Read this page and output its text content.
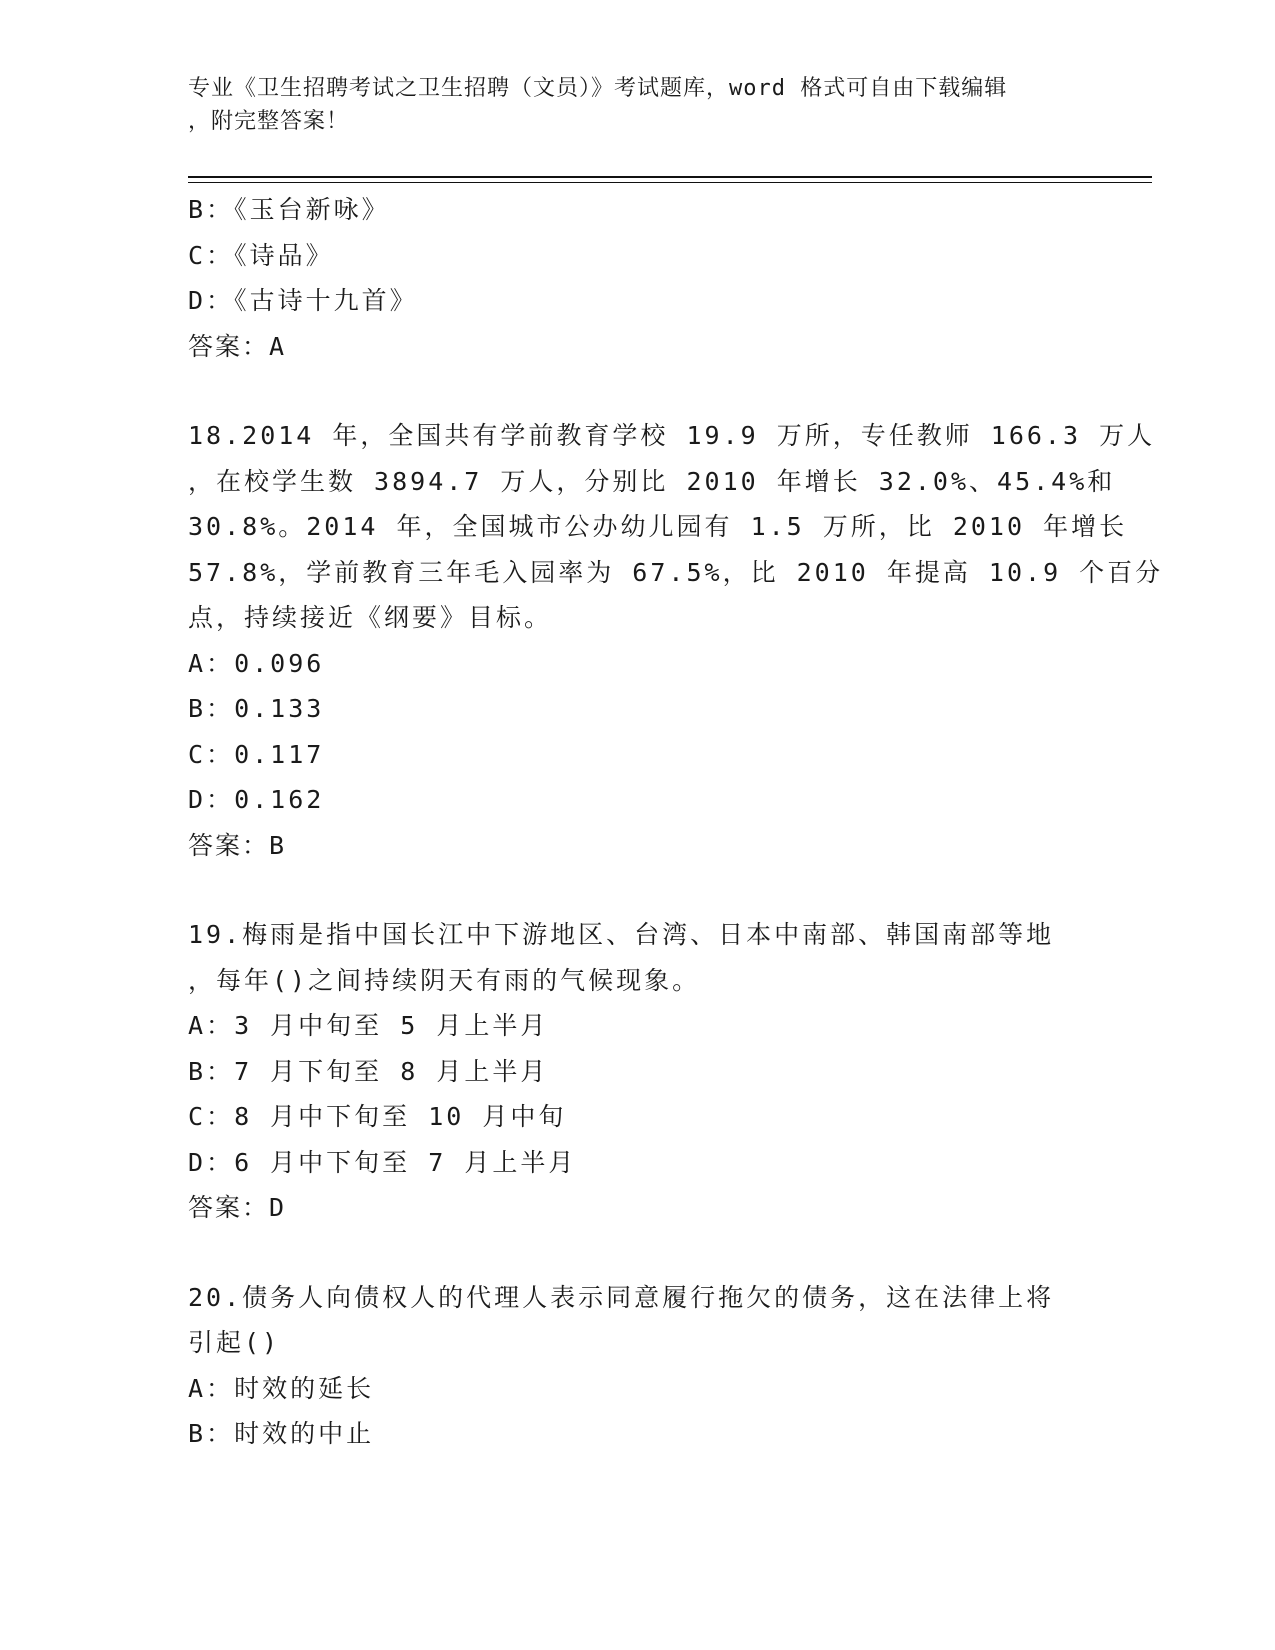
专业《卫生招聘考试之卫生招聘（文员）》考试题库，word 格式可自由下载编辑
，附完整答案！
B：《玉台新咏》
C：《诗品》
D：《古诗十九首》
答案：A
18.2014 年，全国共有学前教育学校 19.9 万所，专任教师 166.3 万人
，在校学生数 3894.7 万人，分别比 2010 年增长 32.0%、45.4%和
30.8%。2014 年，全国城市公办幼儿园有 1.5 万所，比 2010 年增长
57.8%，学前教育三年毛入园率为 67.5%，比 2010 年提高 10.9 个百分
点，持续接近《纲要》目标。
A：0.096
B：0.133
C：0.117
D：0.162
答案：B
19.梅雨是指中国长江中下游地区、台湾、日本中南部、韩国南部等地
，每年()之间持续阴天有雨的气候现象。
A：3 月中旬至 5 月上半月
B：7 月下旬至 8 月上半月
C：8 月中下旬至 10 月中旬
D：6 月中下旬至 7 月上半月
答案：D
20.债务人向债权人的代理人表示同意履行拖欠的债务，这在法律上将
引起()
A：时效的延长
B：时效的中止
